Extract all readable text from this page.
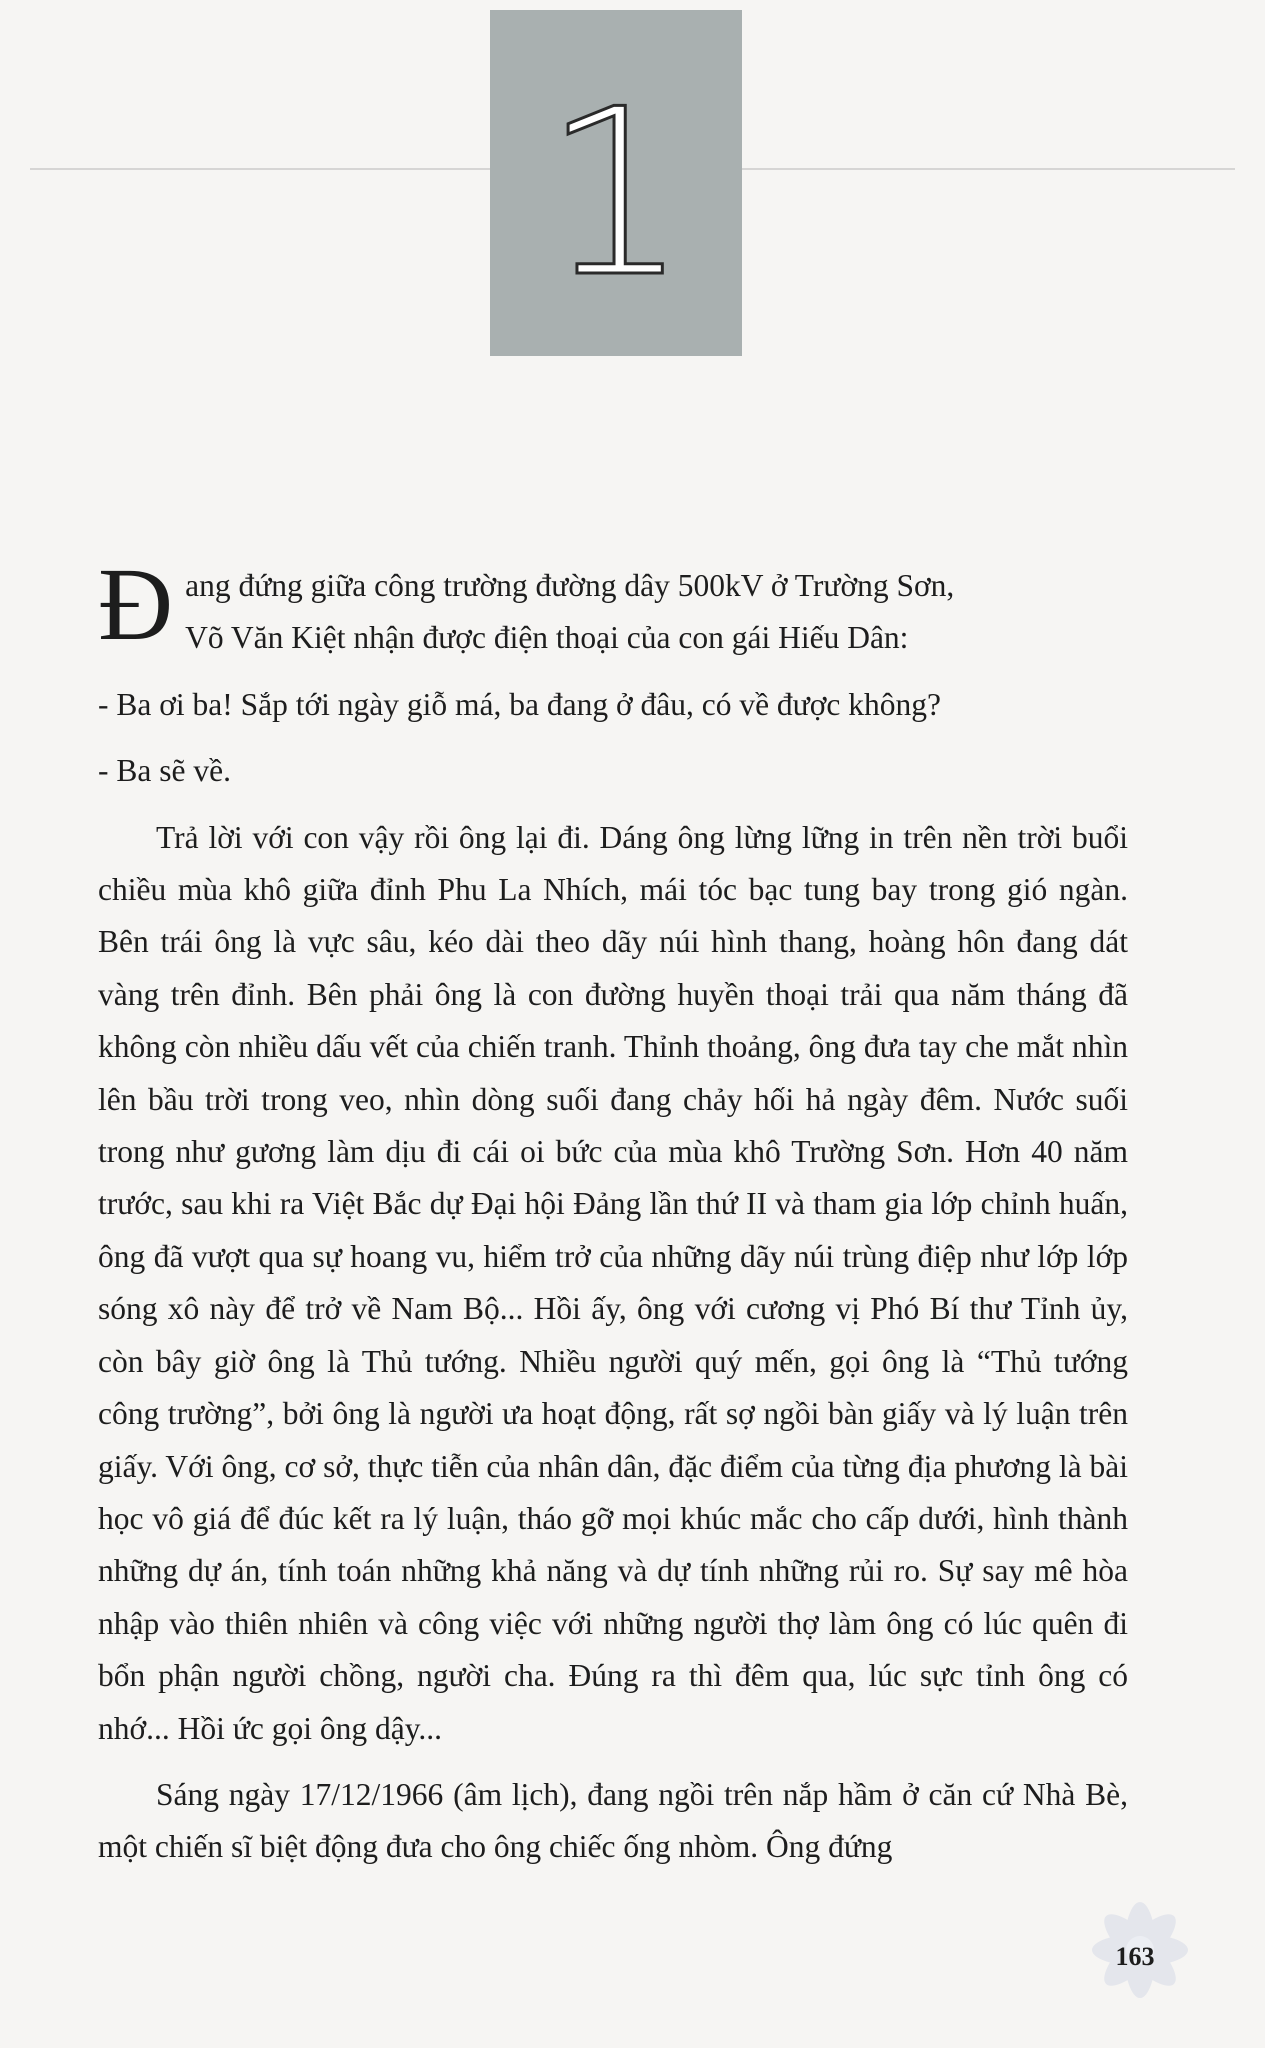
1

Đ ang đứng giữa công trường đường dây 500kV ở Trường Sơn,
Võ Văn Kiệt nhận được điện thoại của con gái Hiếu Dân:

- Ba ơi ba! Sắp tới ngày giỗ má, ba đang ở đâu, có về được không?

- Ba sẽ về.

Trả lời với con vậy rồi ông lại đi. Dáng ông lừng lững in trên nền trời buổi chiều mùa khô giữa đỉnh Phu La Nhích, mái tóc bạc tung bay trong gió ngàn. Bên trái ông là vực sâu, kéo dài theo dãy núi hình thang, hoàng hôn đang dát vàng trên đỉnh. Bên phải ông là con đường huyền thoại trải qua năm tháng đã không còn nhiều dấu vết của chiến tranh. Thỉnh thoảng, ông đưa tay che mắt nhìn lên bầu trời trong veo, nhìn dòng suối đang chảy hối hả ngày đêm. Nước suối trong như gương làm dịu đi cái oi bức của mùa khô Trường Sơn. Hơn 40 năm trước, sau khi ra Việt Bắc dự Đại hội Đảng lần thứ II và tham gia lớp chỉnh huấn, ông đã vượt qua sự hoang vu, hiểm trở của những dãy núi trùng điệp như lớp lớp sóng xô này để trở về Nam Bộ... Hồi ấy, ông với cương vị Phó Bí thư Tỉnh ủy, còn bây giờ ông là Thủ tướng. Nhiều người quý mến, gọi ông là “Thủ tướng công trường”, bởi ông là người ưa hoạt động, rất sợ ngồi bàn giấy và lý luận trên giấy. Với ông, cơ sở, thực tiễn của nhân dân, đặc điểm của từng địa phương là bài học vô giá để đúc kết ra lý luận, tháo gỡ mọi khúc mắc cho cấp dưới, hình thành những dự án, tính toán những khả năng và dự tính những rủi ro. Sự say mê hòa nhập vào thiên nhiên và công việc với những người thợ làm ông có lúc quên đi bổn phận người chồng, người cha. Đúng ra thì đêm qua, lúc sực tỉnh ông có nhớ... Hồi ức gọi ông dậy...

Sáng ngày 17/12/1966 (âm lịch), đang ngồi trên nắp hầm ở căn cứ Nhà Bè, một chiến sĩ biệt động đưa cho ông chiếc ống nhòm. Ông đứng

163
